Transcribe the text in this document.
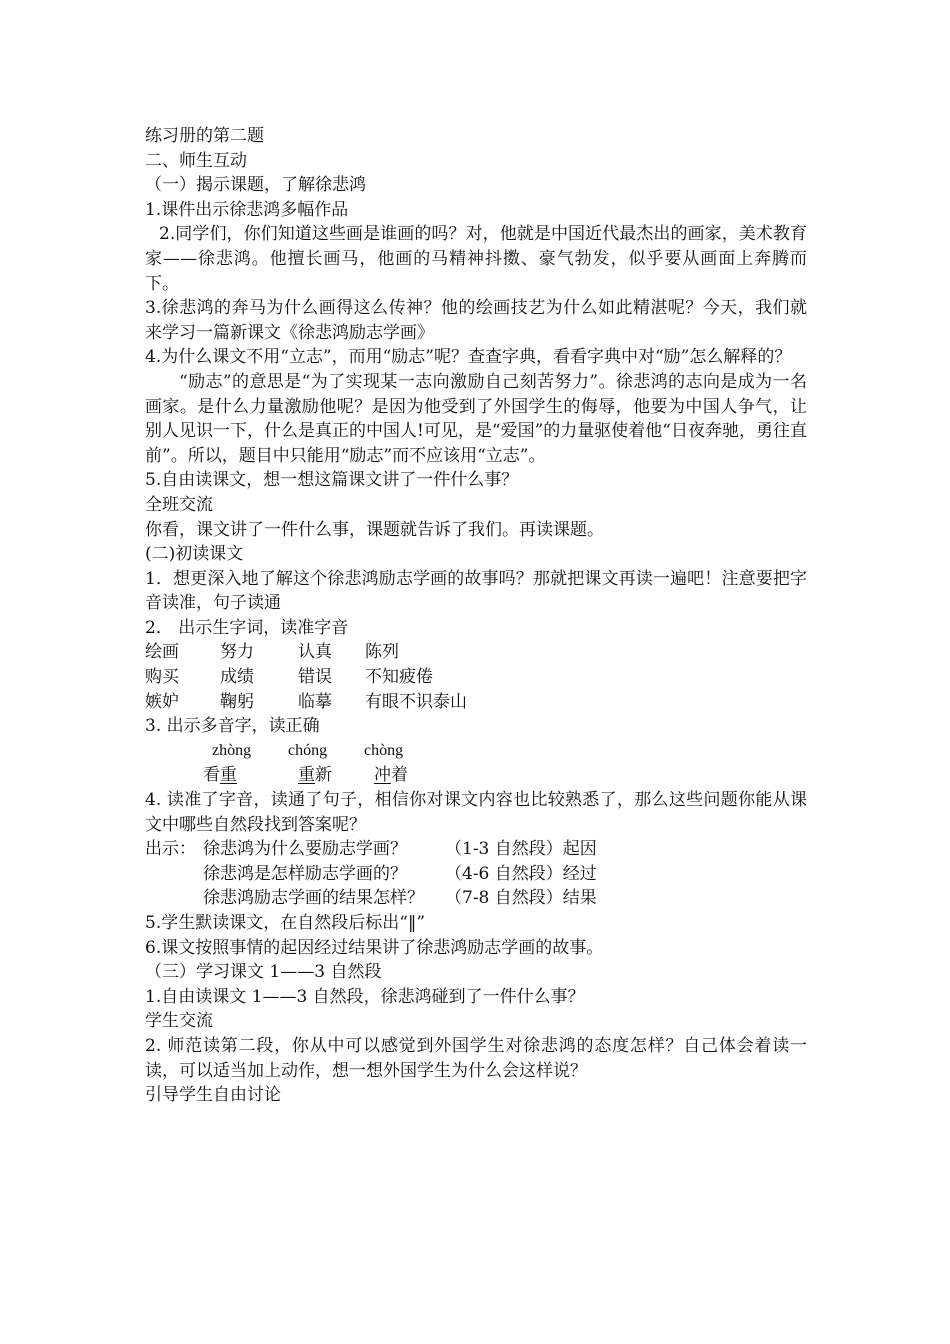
练习册的第二题
二、师生互动
（一）揭示课题，了解徐悲鸿
1.课件出示徐悲鸿多幅作品
2.同学们，你们知道这些画是谁画的吗？对，他就是中国近代最杰出的画家，美术教育家——徐悲鸿。他擅长画马，他画的马精神抖擞、豪气勃发，似乎要从画面上奔腾而下。
3.徐悲鸿的奔马为什么画得这么传神？他的绘画技艺为什么如此精湛呢？今天，我们就来学习一篇新课文《徐悲鸿励志学画》
4.为什么课文不用“立志”，而用“励志”呢？查查字典，看看字典中对“励”怎么解释的？
“励志”的意思是“为了实现某一志向激励自己刻苦努力”。徐悲鸿的志向是成为一名画家。是什么力量激励他呢？是因为他受到了外国学生的侮辱，他要为中国人争气，让别人见识一下，什么是真正的中国人!可见，是“爱国”的力量驱使着他“日夜奔驰，勇往直前”。所以，题目中只能用“励志”而不应该用“立志”。
5.自由读课文，想一想这篇课文讲了一件什么事？
全班交流
你看，课文讲了一件什么事，课题就告诉了我们。再读课题。
(二)初读课文
1．想更深入地了解这个徐悲鸿励志学画的故事吗？那就把课文再读一遍吧！注意要把字音读准，句子读通
2． 出示生字词，读准字音
绘画	努力	认真	陈列
购买	成绩	错误	不知疲倦
嫉妒	鞠躬	临摹	有眼不识泰山
3. 出示多音字，读正确
zhòng chóng chòng
看重	重新 冲着
4. 读准了字音，读通了句子，相信你对课文内容也比较熟悉了，那么这些问题你能从课文中哪些自然段找到答案呢？
出示： 徐悲鸿为什么要励志学画？ （1-3 自然段）起因
徐悲鸿是怎样励志学画的？ （4-6 自然段）经过
徐悲鸿励志学画的结果怎样？ （7-8 自然段）结果
5.学生默读课文，在自然段后标出“‖”
6.课文按照事情的起因经过结果讲了徐悲鸿励志学画的故事。
（三）学习课文 1——3 自然段
1.自由读课文 1——3 自然段，徐悲鸿碰到了一件什么事？
学生交流
2. 师范读第二段，你从中可以感觉到外国学生对徐悲鸿的态度怎样？自己体会着读一读，可以适当加上动作，想一想外国学生为什么会这样说？
引导学生自由讨论
